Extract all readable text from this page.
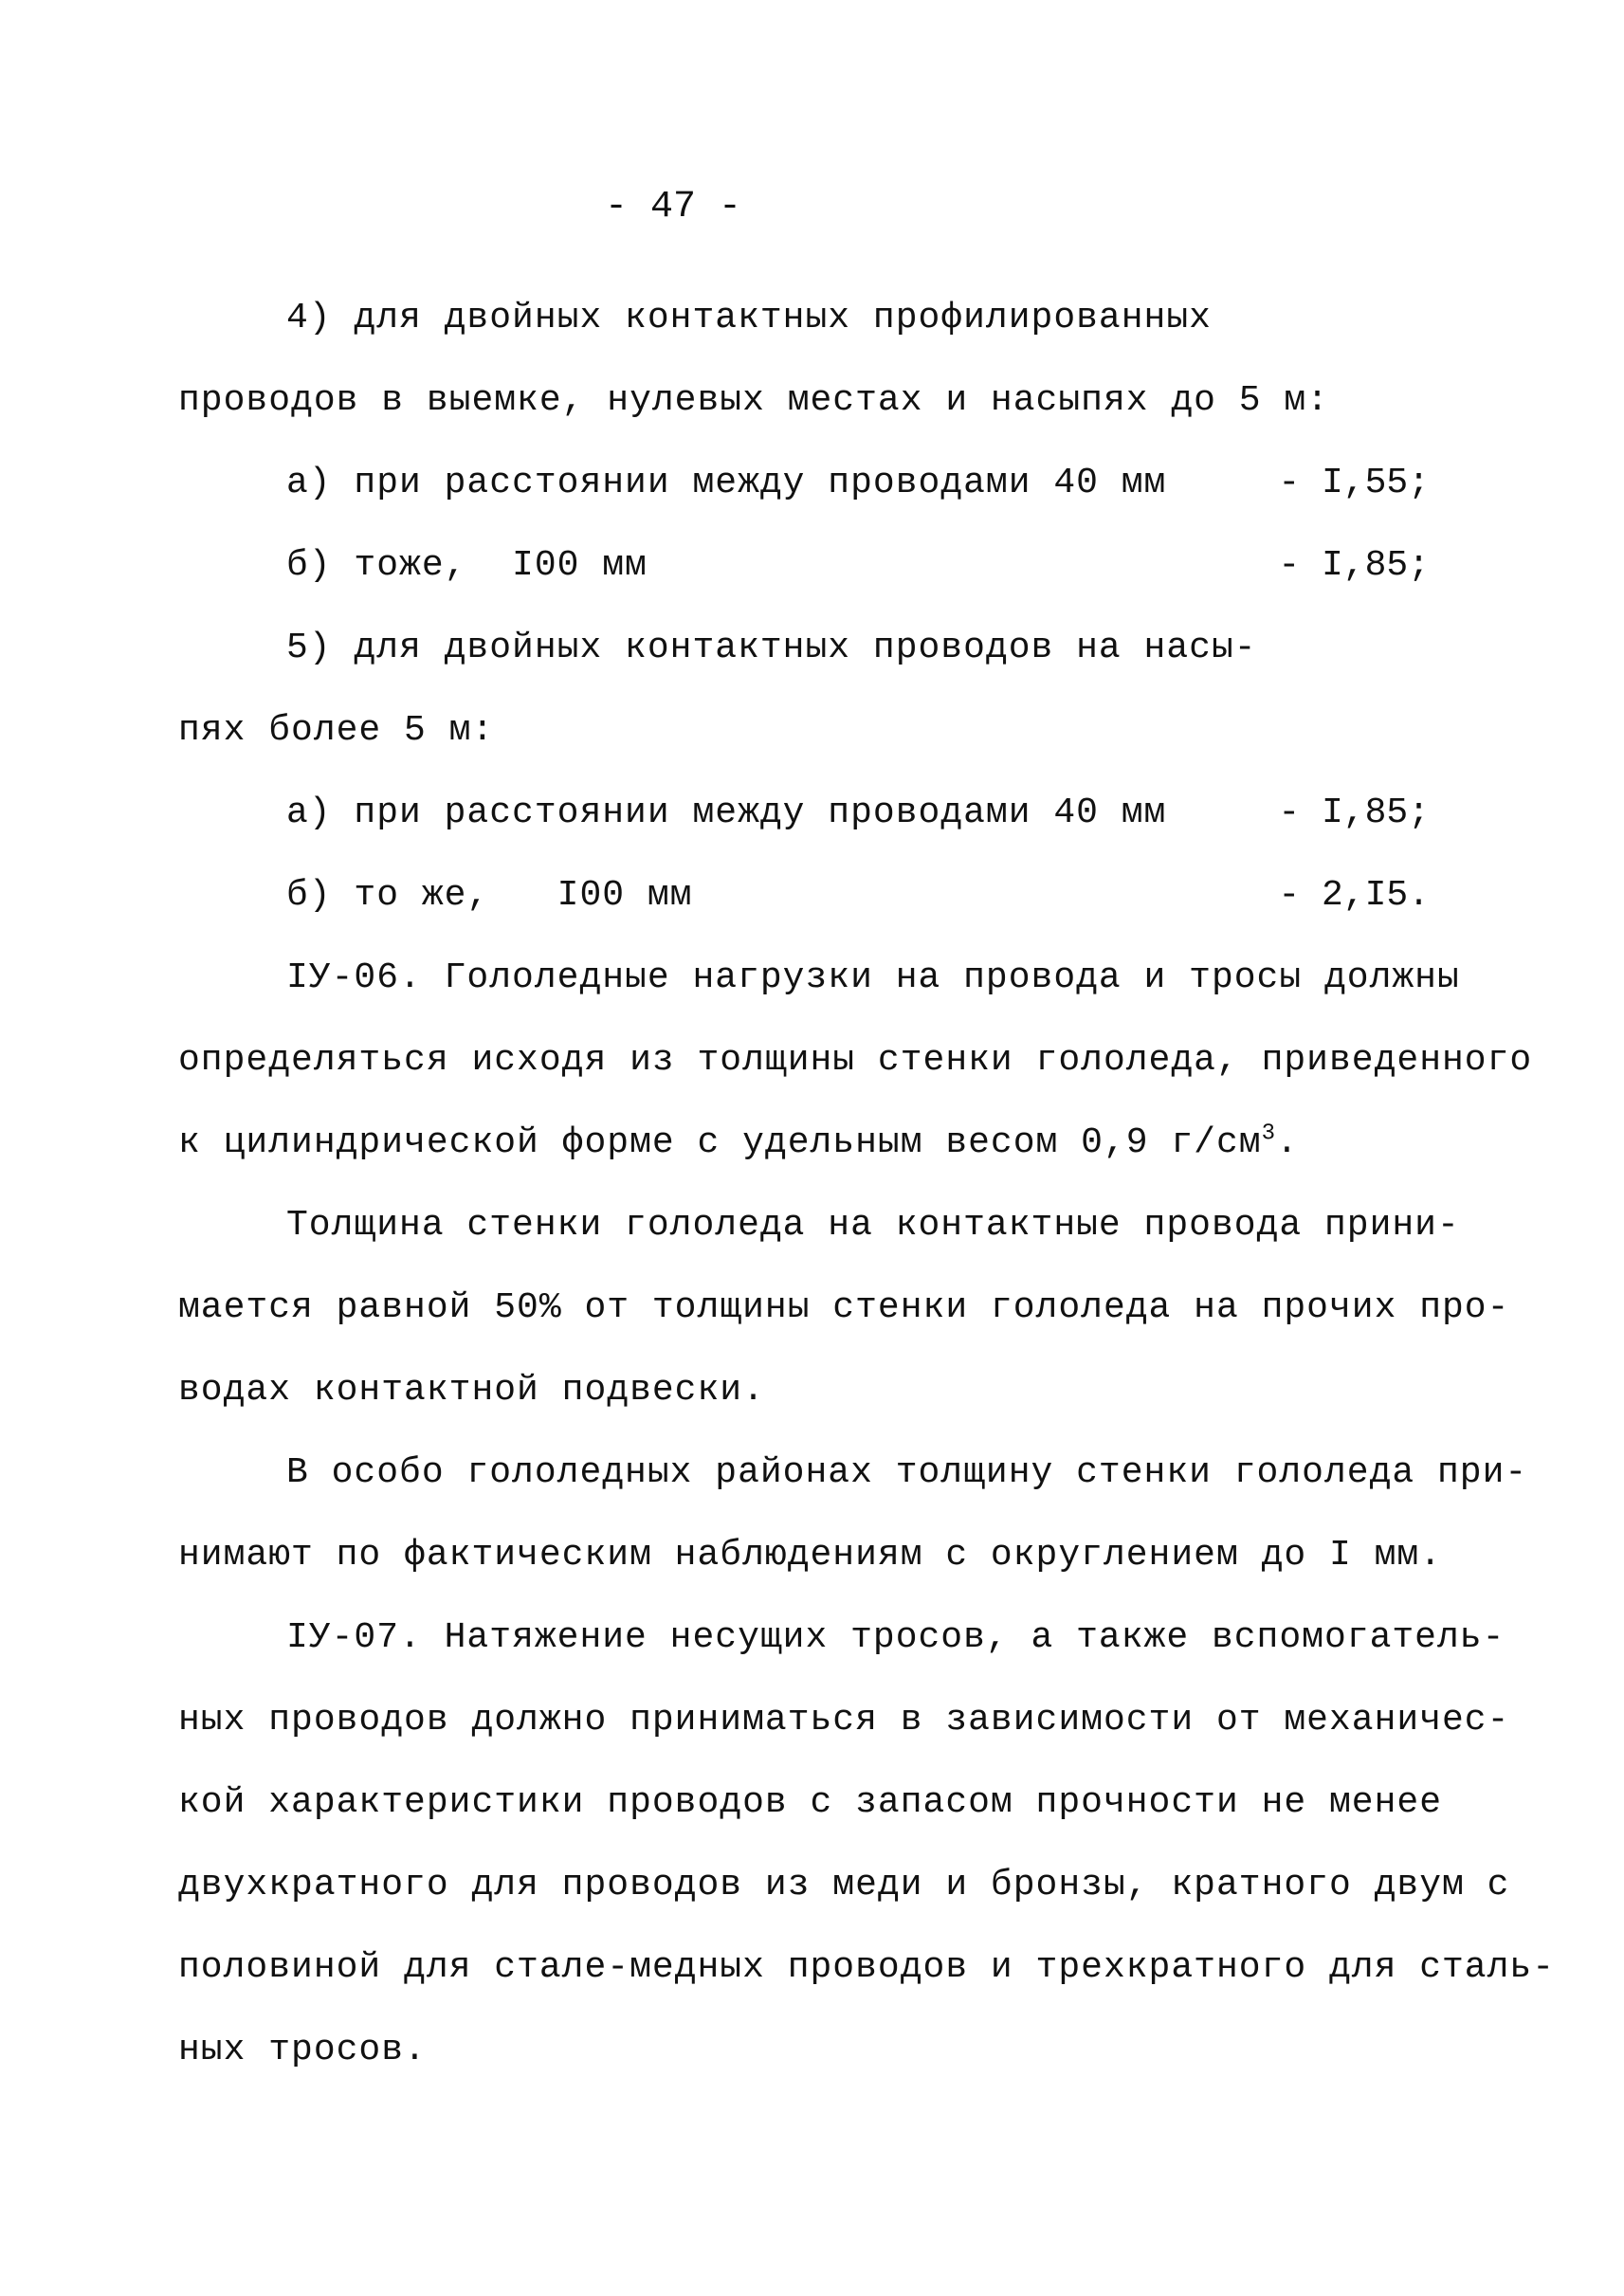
- 47 -
4) для двойных контактных профилированных
проводов в выемке, нулевых местах и насыпях до 5 м:
а) при расстоянии между проводами 40 мм	- I,55;
б) тоже,  I00 мм	- I,85;
5) для двойных контактных проводов на насы-
пях более 5 м:
а) при расстоянии между проводами 40 мм	- I,85;
б) то же,   I00 мм	- 2,I5.
IУ-06. Гололедные нагрузки на провода и тросы должны
определяться исходя из толщины стенки гололеда, приведенного
к цилиндрической форме с удельным весом 0,9 $г/см^3$.
Толщина стенки гололеда на контактные провода прини-
мается равной 50% от толщины стенки гололеда на прочих про-
водах контактной подвески.
В особо гололедных районах толщину стенки гололеда при-
нимают по фактическим наблюдениям с округлением до I мм.
IУ-07. Натяжение несущих тросов, а также вспомогатель-
ных проводов должно приниматься в зависимости от механичес-
кой характеристики проводов с запасом прочности не менее
двухкратного для проводов из меди и бронзы, кратного двум с
половиной для стале-медных проводов и трехкратного для сталь-
ных тросов.
